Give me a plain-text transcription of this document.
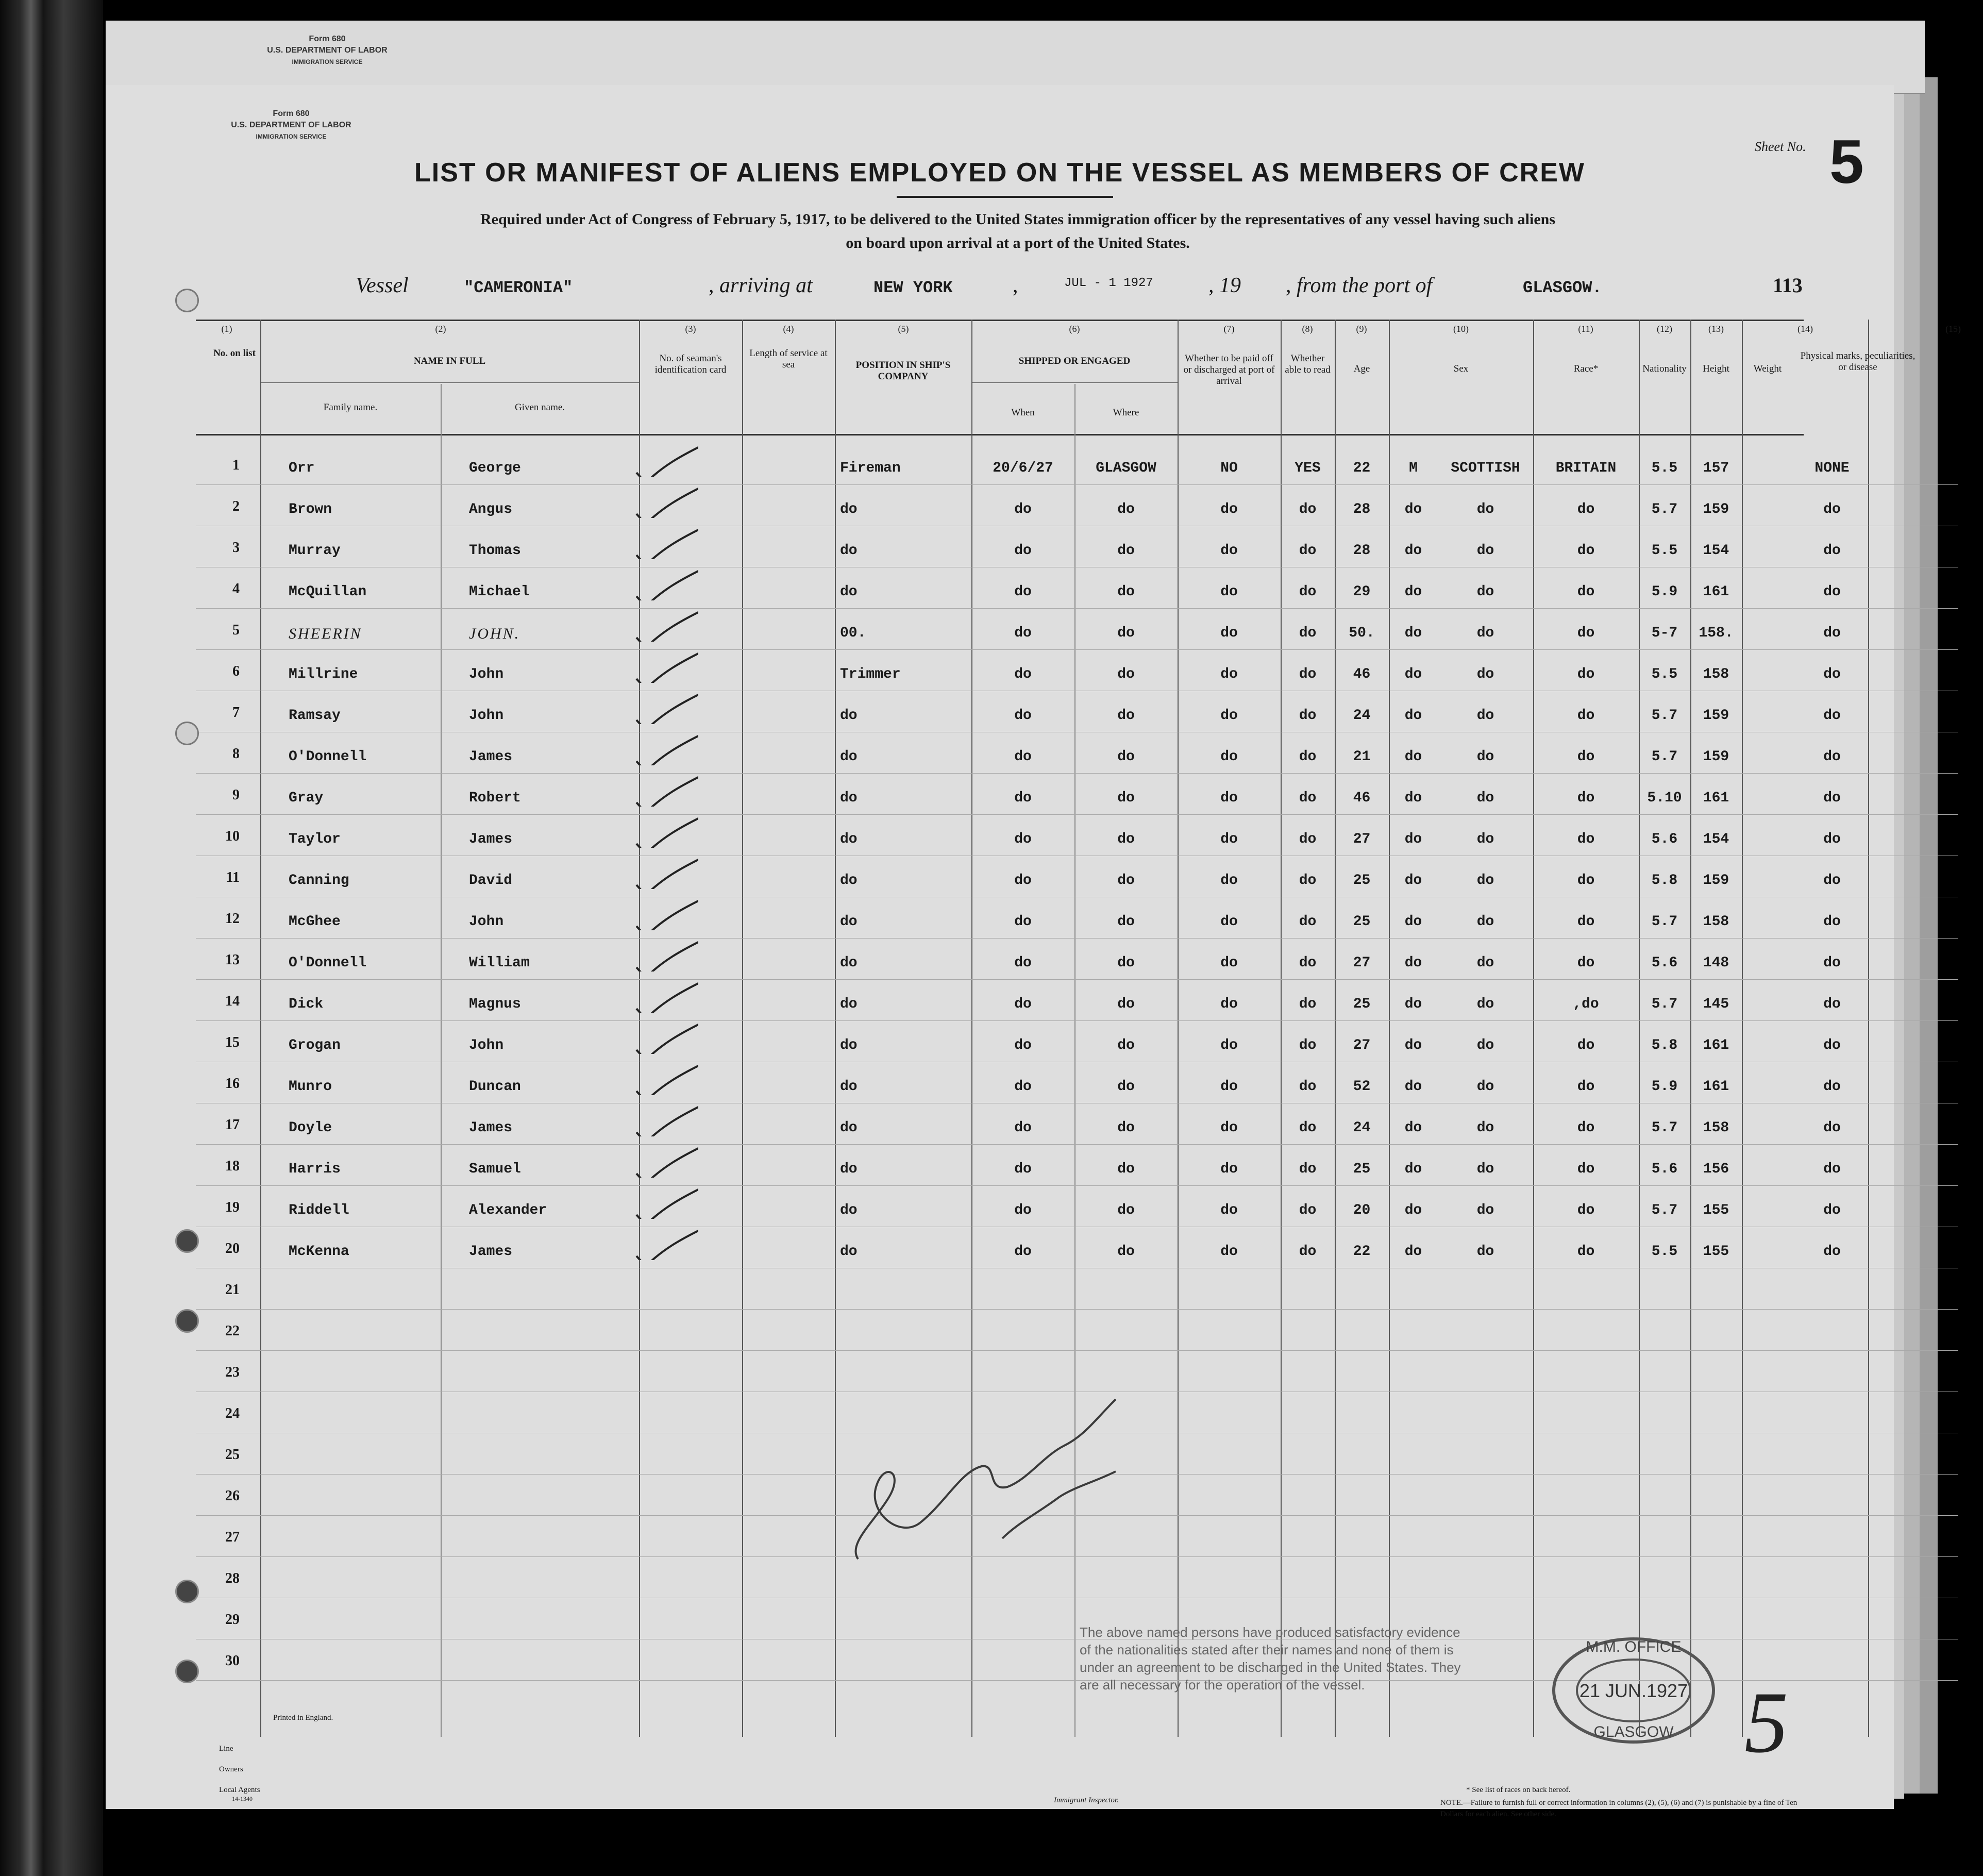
Form 680
U.S. DEPARTMENT OF LABOR
IMMIGRATION SERVICE
Form 680
U.S. DEPARTMENT OF LABOR
IMMIGRATION SERVICE
Sheet No. 5
LIST OR MANIFEST OF ALIENS EMPLOYED ON THE VESSEL AS MEMBERS OF CREW
Required under Act of Congress of February 5, 1917, to be delivered to the United States immigration officer by the representatives of any vessel having such aliens
on board upon arrival at a port of the United States.
Vessel	"CAMERONIA"	, arriving at	NEW YORK	,	JUL - 1 1927	, 19 , from the port of	GLASGOW.	113
(1)	(2)	(3)	(4)	(5)	(6)	(7)	(8)	(9)	(10)	(11)	(12)	(13)	(14)	(15)
No. on list
NAME IN FULL
Family name.	Given name.
No. of seaman's identification card
Length of service at sea	POSITION IN SHIP'S COMPANY
SHIPPED OR ENGAGED
When	Where
Whether to be paid off or discharged at port of arrival
Whether able to read	Age	Sex	Race*	Nationality	Height	Weight
Physical marks, peculiarities, or disease
1	Orr	George	Fireman	20/6/27	GLASGOW	NO	YES	22	M	SCOTTISH	BRITAIN	5.5	157	NONE
2	Brown	Angus	do	do	do	do	do	28	do	do	do	5.7	159	do
3	Murray	Thomas	do	do	do	do	do	28	do	do	do	5.5	154	do
4	McQuillan	Michael	do	do	do	do	do	29	do	do	do	5.9	161	do
5	SHEERIN	JOHN.	00.	do	do	do	do	50.	do	do	do	5-7	158.	do
6	Millrine	John	Trimmer	do	do	do	do	46	do	do	do	5.5	158	do
7	Ramsay	John	do	do	do	do	do	24	do	do	do	5.7	159	do
8	O'Donnell	James	do	do	do	do	do	21	do	do	do	5.7	159	do
9	Gray	Robert	do	do	do	do	do	46	do	do	do	5.10	161	do
10	Taylor	James	do	do	do	do	do	27	do	do	do	5.6	154	do
11	Canning	David	do	do	do	do	do	25	do	do	do	5.8	159	do
12	McGhee	John	do	do	do	do	do	25	do	do	do	5.7	158	do
13	O'Donnell	William	do	do	do	do	do	27	do	do	do	5.6	148	do
14	Dick	Magnus	do	do	do	do	do	25	do	do	,do	5.7	145	do
15	Grogan	John	do	do	do	do	do	27	do	do	do	5.8	161	do
16	Munro	Duncan	do	do	do	do	do	52	do	do	do	5.9	161	do
17	Doyle	James	do	do	do	do	do	24	do	do	do	5.7	158	do
18	Harris	Samuel	do	do	do	do	do	25	do	do	do	5.6	156	do
19	Riddell	Alexander	do	do	do	do	do	20	do	do	do	5.7	155	do
20	McKenna	James	do	do	do	do	do	22	do	do	do	5.5	155	do
21
22
23
24
25
26
27
28
29
30
The above named persons have produced satisfactory evidence of the nationalities stated after their names and none of them is under an agreement to be discharged in the United States. They are all necessary for the operation of the vessel.
M.M. OFFICE
21 JUN.1927
GLASGOW 5
Printed in England.
Line
Owners
Local Agents
14-1340	Immigrant Inspector.
* See list of races on back hereof.
NOTE.—Failure to furnish full or correct information in columns (2), (5), (6) and (7) is punishable by a fine of Ten Dollars for each alien. See other side.
